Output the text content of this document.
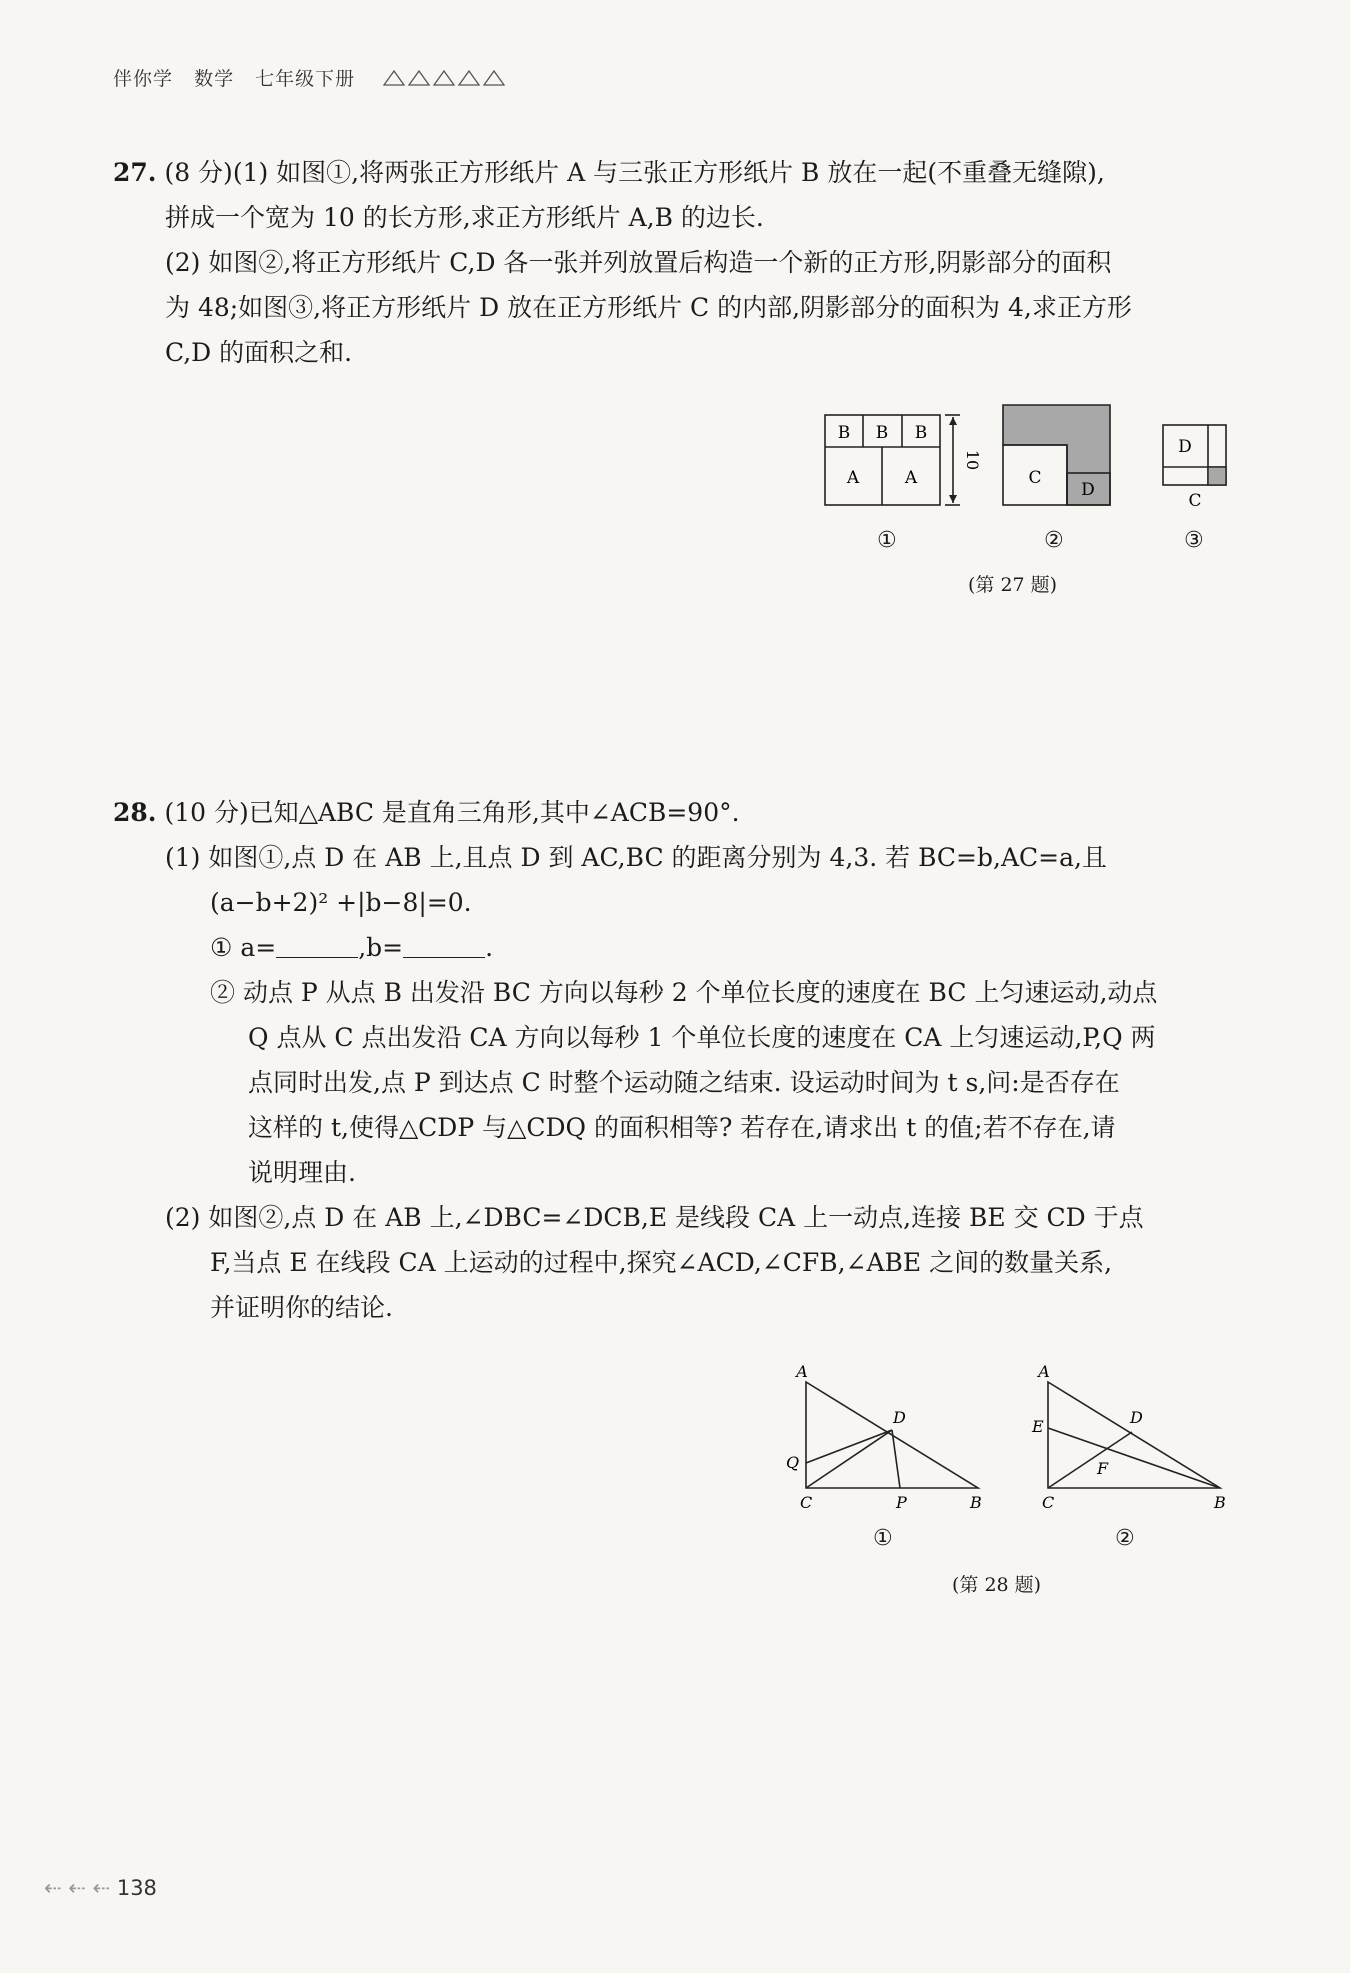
伴你学 数学 七年级下册
27. (8 分)(1) 如图①,将两张正方形纸片 A 与三张正方形纸片 B 放在一起(不重叠无缝隙),
拼成一个宽为 10 的长方形,求正方形纸片 A,B 的边长.
(2) 如图②,将正方形纸片 C,D 各一张并列放置后构造一个新的正方形,阴影部分的面积
为 48;如图③,将正方形纸片 D 放在正方形纸片 C 的内部,阴影部分的面积为 4,求正方形
C,D 的面积之和.
B B B
A	A
10
C
D
D
C
①	②	③
(第 27 题)
28. (10 分)已知△ABC 是直角三角形,其中∠ACB=90°.
(1) 如图①,点 D 在 AB 上,且点 D 到 AC,BC 的距离分别为 4,3. 若 BC=b,AC=a,且
(a−b+2)² +|b−8|=0.
① a=	,b=	.
② 动点 P 从点 B 出发沿 BC 方向以每秒 2 个单位长度的速度在 BC 上匀速运动,动点
Q 点从 C 点出发沿 CA 方向以每秒 1 个单位长度的速度在 CA 上匀速运动,P,Q 两
点同时出发,点 P 到达点 C 时整个运动随之结束. 设运动时间为 t s,问:是否存在
这样的 t,使得△CDP 与△CDQ 的面积相等? 若存在,请求出 t 的值;若不存在,请
说明理由.
(2) 如图②,点 D 在 AB 上,∠DBC=∠DCB,E 是线段 CA 上一动点,连接 BE 交 CD 于点
F,当点 E 在线段 CA 上运动的过程中,探究∠ACD,∠CFB,∠ABE 之间的数量关系,
并证明你的结论.
A
D
Q
C	P	B
A
D
E
F
C	B
①	②
(第 28 题)
⇠ ⇠ ⇠ 138
